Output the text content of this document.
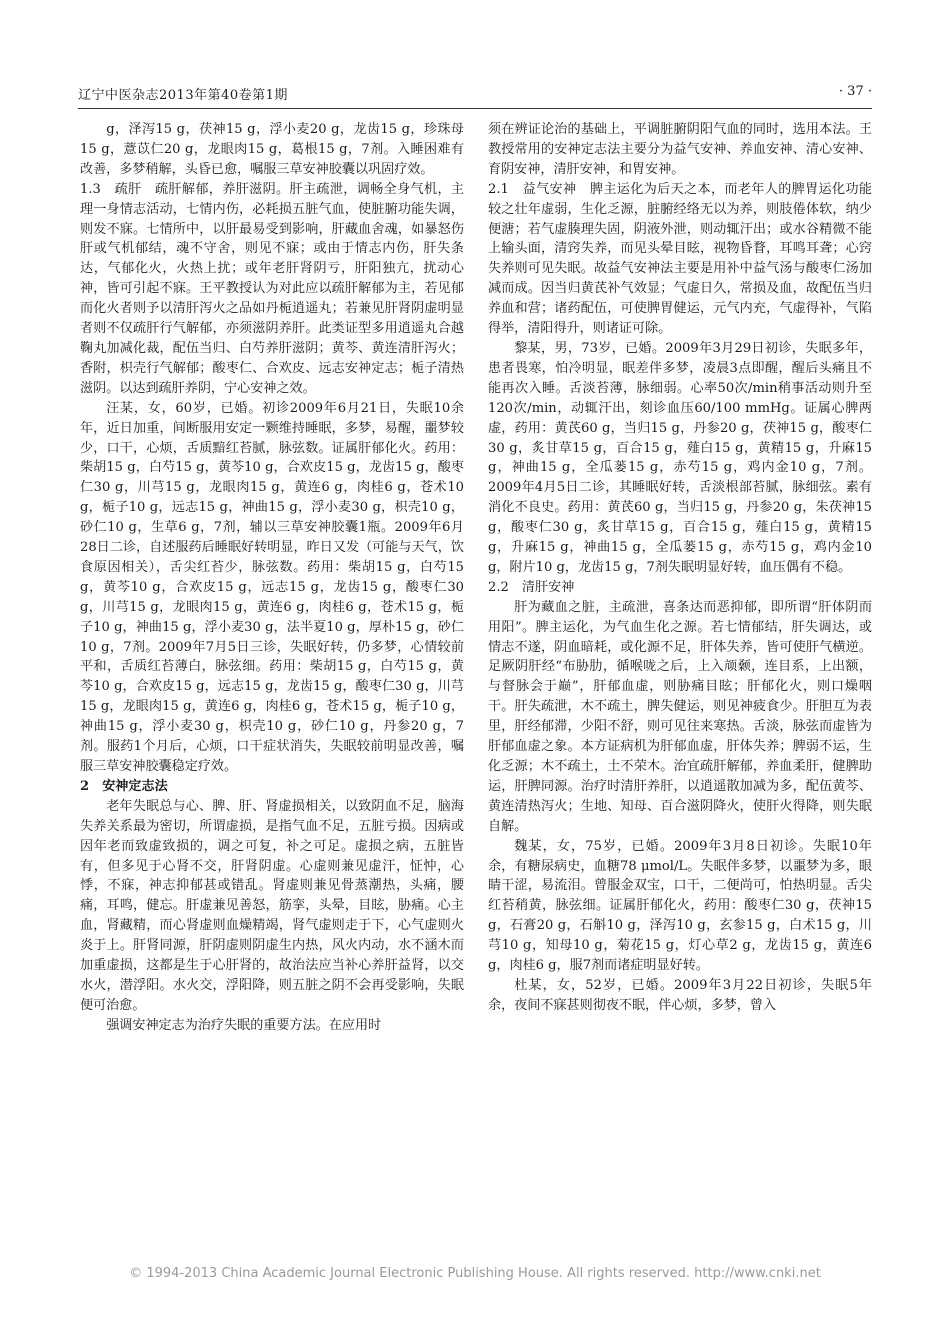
辽宁中医杂志2013年第40卷第1期	· 37 ·

g，泽泻15 g，茯神15 g，浮小麦20 g，龙齿15 g，珍珠母15 g，薏苡仁20 g，龙眼肉15 g，葛根15 g，7剂。入睡困难有改善，多梦稍解，头昏已愈，嘱服三草安神胶囊以巩固疗效。

1.3　疏肝　疏肝解郁，养肝滋阴。肝主疏泄，调畅全身气机，主理一身情志活动，七情内伤，必耗损五脏气血，使脏腑功能失调，则发不寐。七情所中，以肝最易受到影响，肝藏血舍魂，如暴怒伤肝或气机郁结，魂不守舍，则见不寐；或由于情志内伤，肝失条达，气郁化火，火热上扰；或年老肝肾阴亏，肝阳独亢，扰动心神，皆可引起不寐。王平教授认为对此应以疏肝解郁为主，若见郁而化火者则予以清肝泻火之品如丹栀逍遥丸；若兼见肝肾阴虚明显者则不仅疏肝行气解郁，亦须滋阴养肝。此类证型多用逍遥丸合越鞠丸加减化裁，配伍当归、白芍养肝滋阴；黄芩、黄连清肝泻火；香附，枳壳行气解郁；酸枣仁、合欢皮、远志安神定志；栀子清热滋阴。以达到疏肝养阴，宁心安神之效。

汪某，女，60岁，已婚。初诊2009年6月21日，失眠10余年，近日加重，间断服用安定一颗维持睡眠，多梦，易醒，噩梦较少，口干，心烦，舌质黯红苔腻，脉弦数。证属肝郁化火。药用：柴胡15 g，白芍15 g，黄芩10 g，合欢皮15 g，龙齿15 g，酸枣仁30 g，川芎15 g，龙眼肉15 g，黄连6 g，肉桂6 g，苍术10 g，栀子10 g，远志15 g，神曲15 g，浮小麦30 g，枳壳10 g，砂仁10 g，生草6 g，7剂，辅以三草安神胶囊1瓶。2009年6月28日二诊，自述服药后睡眠好转明显，昨日又发（可能与天气，饮食原因相关），舌尖红苔少，脉弦数。药用：柴胡15 g，白芍15 g，黄芩10 g，合欢皮15 g，远志15 g，龙齿15 g，酸枣仁30 g，川芎15 g，龙眼肉15 g，黄连6 g，肉桂6 g，苍术15 g，栀子10 g，神曲15 g，浮小麦30 g，法半夏10 g，厚朴15 g，砂仁10 g，7剂。2009年7月5日三诊，失眠好转，仍多梦，心情较前平和，舌质红苔薄白，脉弦细。药用：柴胡15 g，白芍15 g，黄芩10 g，合欢皮15 g，远志15 g，龙齿15 g，酸枣仁30 g，川芎15 g，龙眼肉15 g，黄连6 g，肉桂6 g，苍术15 g，栀子10 g，神曲15 g，浮小麦30 g，枳壳10 g，砂仁10 g，丹参20 g，7剂。服药1个月后，心烦，口干症状消失，失眠较前明显改善，嘱服三草安神胶囊稳定疗效。

2　安神定志法

老年失眠总与心、脾、肝、肾虚损相关，以致阴血不足，脑海失养关系最为密切，所谓虚损，是指气血不足，五脏亏损。因病或因年老而致虚致损的，调之可复，补之可足。虚损之病，五脏皆有，但多见于心肾不交，肝肾阴虚。心虚则兼见虚汗，怔忡，心悸，不寐，神志抑郁甚或错乱。肾虚则兼见骨蒸潮热，头痛，腰痛，耳鸣，健忘。肝虚兼见善怒，筋挛，头晕，目眩，胁痛。心主血，肾藏精，而心肾虚则血燥精竭，肾气虚则走于下，心气虚则火炎于上。肝肾同源，肝阴虚则阴虚生内热，风火内动，水不涵木而加重虚损，这都是生于心肝肾的，故治法应当补心养肝益肾，以交水火，潜浮阳。水火交，浮阳降，则五脏之阴不会再受影响，失眠便可治愈。

强调安神定志为治疗失眠的重要方法。在应用时

须在辨证论治的基础上，平调脏腑阴阳气血的同时，选用本法。王教授常用的安神定志法主要分为益气安神、养血安神、清心安神、育阴安神，清肝安神，和胃安神。

2.1　益气安神　脾主运化为后天之本，而老年人的脾胃运化功能较之壮年虚弱，生化乏源，脏腑经络无以为养，则肢倦体软，纳少便溏；若气虚腠理失固，阴液外泄，则动辄汗出；或水谷精微不能上输头面，清窍失养，而见头晕目眩，视物昏瞀，耳鸣耳聋；心窍失养则可见失眠。故益气安神法主要是用补中益气汤与酸枣仁汤加减而成。因当归黄芪补气效显；气虚日久，常损及血，故配伍当归养血和营；诸药配伍，可使脾胃健运，元气内充，气虚得补，气陷得举，清阳得升，则诸证可除。

黎某，男，73岁，已婚。2009年3月29日初诊，失眠多年，患者畏寒，怕冷明显，眠差伴多梦，凌晨3点即醒，醒后头痛且不能再次入睡。舌淡苔薄，脉细弱。心率50次/min稍事活动则升至120次/min，动辄汗出，刻诊血压60/100 mmHg。证属心脾两虚，药用：黄芪60 g，当归15 g，丹参20 g，茯神15 g，酸枣仁30 g，炙甘草15 g，百合15 g，薤白15 g，黄精15 g，升麻15 g，神曲15 g，全瓜蒌15 g，赤芍15 g，鸡内金10 g，7剂。2009年4月5日二诊，其睡眠好转，舌淡根部苔腻，脉细弦。素有消化不良史。药用：黄芪60 g，当归15 g，丹参20 g，朱茯神15 g，酸枣仁30 g，炙甘草15 g，百合15 g，薤白15 g，黄精15 g，升麻15 g，神曲15 g，全瓜蒌15 g，赤芍15 g，鸡内金10 g，附片10 g，龙齿15 g，7剂失眠明显好转，血压偶有不稳。

2.2　清肝安神

肝为藏血之脏，主疏泄，喜条达而恶抑郁，即所谓“肝体阴而用阳”。脾主运化，为气血生化之源。若七情郁结，肝失调达，或情志不遂，阴血暗耗，或化源不足，肝体失养，皆可使肝气横逆。足厥阴肝经“布胁肋，循喉咙之后，上入颃颡，连目系，上出额，与督脉会于巅”，肝郁血虚，则胁痛目眩；肝郁化火，则口燥咽干。肝失疏泄，木不疏土，脾失健运，则见神疲食少。肝胆互为表里，肝经郁滞，少阳不舒，则可见往来寒热。舌淡，脉弦而虚皆为肝郁血虚之象。本方证病机为肝郁血虚，肝体失养；脾弱不运，生化乏源；木不疏土，土不荣木。治宜疏肝解郁，养血柔肝，健脾助运，肝脾同源。治疗时清肝养肝，以逍遥散加减为多，配伍黄芩、黄连清热泻火；生地、知母、百合滋阴降火，使肝火得降，则失眠自解。

魏某，女，75岁，已婚。2009年3月8日初诊。失眠10年余，有糖尿病史，血糖78 μmol/L。失眠伴多梦，以噩梦为多，眼睛干涩，易流泪。曾服金双宝，口干，二便尚可，怕热明显。舌尖红苔稍黄，脉弦细。证属肝郁化火，药用：酸枣仁30 g，茯神15 g，石膏20 g，石斛10 g，泽泻10 g，玄参15 g，白术15 g，川芎10 g，知母10 g，菊花15 g，灯心草2 g，龙齿15 g，黄连6 g，肉桂6 g，服7剂而诸症明显好转。

杜某，女，52岁，已婚。2009年3月22日初诊，失眠5年余，夜间不寐甚则彻夜不眠，伴心烦，多梦，曾入

© 1994-2013 China Academic Journal Electronic Publishing House. All rights reserved. http://www.cnki.net
